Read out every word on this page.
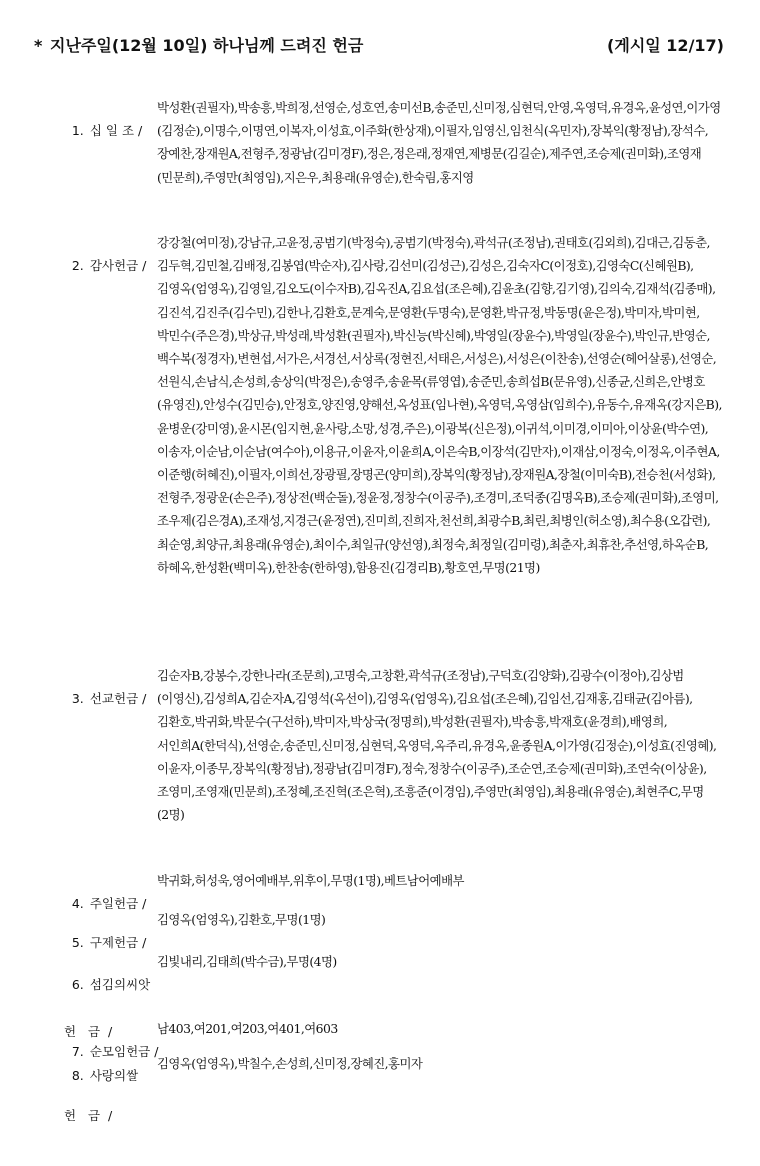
* 지난주일(12월 10일) 하나님께 드려진 헌금	(게시일 12/17)

1. 십 일 조 /

박성환(권필자),박송흥,박희정,선영순,성호연,송미선B,송준민,신미정,심현덕,안영,옥영덕,유경옥,윤성연,이가영(김정순),이명수,이명연,이복자,이성효,이주화(한상재),이필자,임영신,임천식(옥민자),장복익(황정남),장석수,장예찬,장재원A,전형주,정광남(김미경F),정은,정은래,정재연,제병문(김길순),제주연,조승제(권미화),조영재(민문희),주영만(최영임),지은우,최용래(유영순),한숙림,홍지영

2. 감사헌금 /

강강철(여미정),강남규,고윤정,공범기(박정숙),공범기(박정숙),곽석규(조정남),권태호(김외희),김대근,김동춘,김두혁,김민철,김배정,김봉엽(박순자),김사랑,김선미(김성근),김성은,김숙자C(이정호),김영숙C(신혜원B),김영옥(엄영옥),김영일,김오도(이수자B),김옥진A,김요섭(조은혜),김윤초(김향,김기영),김의숙,김재석(김종매),김진석,김진주(김수민),김한나,김환호,문계숙,문영환(두명숙),문영환,박규정,박동명(윤은정),박미자,박미현,박민수(주은경),박상규,박성래,박성환(권필자),박신능(박신혜),박영일(장윤수),박영일(장윤수),박인규,반영순,백수복(정경자),변현섭,서가은,서경선,서상록(정현진,서태은,서성은),서성은(이찬송),선영순(헤어살롱),선영순,선원식,손남식,손성희,송상익(박정은),송영주,송윤목(류영엽),송준민,송희섭B(문유영),신종균,신희은,안병호(유영진),안성수(김민승),안정호,양진영,양해선,옥성표(임나현),옥영덕,옥영삼(임희수),유동수,유재옥(강지은B),윤병운(강미영),윤시몬(임지현,윤사랑,소망,성경,주은),이광복(신은정),이귀석,이미경,이미아,이상윤(박수연),이송자,이순남,이순남(여수아),이용규,이윤자,이윤희A,이은숙B,이장석(김만자),이재삼,이정숙,이정옥,이주현A,이준행(허혜진),이필자,이희선,장광필,장명곤(양미희),장복익(황정남),장재원A,장철(이미숙B),전승천(서성화),전형주,정광운(손은주),정상전(백순돌),정윤정,정창수(이공주),조경미,조덕종(김명옥B),조승제(권미화),조영미,조우제(김은경A),조재성,지경근(윤정연),진미희,진희자,천선희,최광수B,최린,최병인(허소영),최수용(오갑련),최순영,최양규,최용래(유영순),최이수,최일규(양선영),최정숙,최정일(김미령),최춘자,최휴찬,추선영,하옥순B,하혜옥,한성환(백미옥),한찬송(한하영),함용진(김경리B),황호연,무명(21명)

3. 선교헌금 /

김순자B,강봉수,강한나라(조문희),고명숙,고창환,곽석규(조정남),구덕호(김양화),김광수(이정아),김상범(이영신),김성희A,김순자A,김영석(옥선이),김영옥(엄영옥),김요섭(조은혜),김임선,김재홍,김태균(김아름),김환호,박귀화,박문수(구선하),박미자,박상국(정명희),박성환(권필자),박송흥,박재호(윤경희),배영희,서인희A(한덕식),선영순,송준민,신미정,심현덕,옥영덕,옥주리,유경옥,윤종원A,이가영(김정순),이성효(진영혜),이윤자,이종무,장복익(황정남),정광남(김미경F),정숙,정창수(이공주),조순연,조승제(권미화),조연숙(이상윤),조영미,조영재(민문희),조정혜,조진혁(조은혁),조흥준(이경임),주영만(최영임),최용래(유영순),최현주C,무명(2명)

4. 주일헌금 /

박귀화,허성욱,영어예배부,위후이,무명(1명),베트남어예배부

5. 구제헌금 /

김영옥(엄영옥),김환호,무명(1명)

6. 섬김의씨앗

헌   금  /

김빛내리,김태희(박수금),무명(4명)

7. 순모임헌금 /

남403,여201,여203,여401,여603

8. 사랑의쌀

헌   금  /

김영옥(엄영옥),박칠수,손성희,신미정,장혜진,홍미자
